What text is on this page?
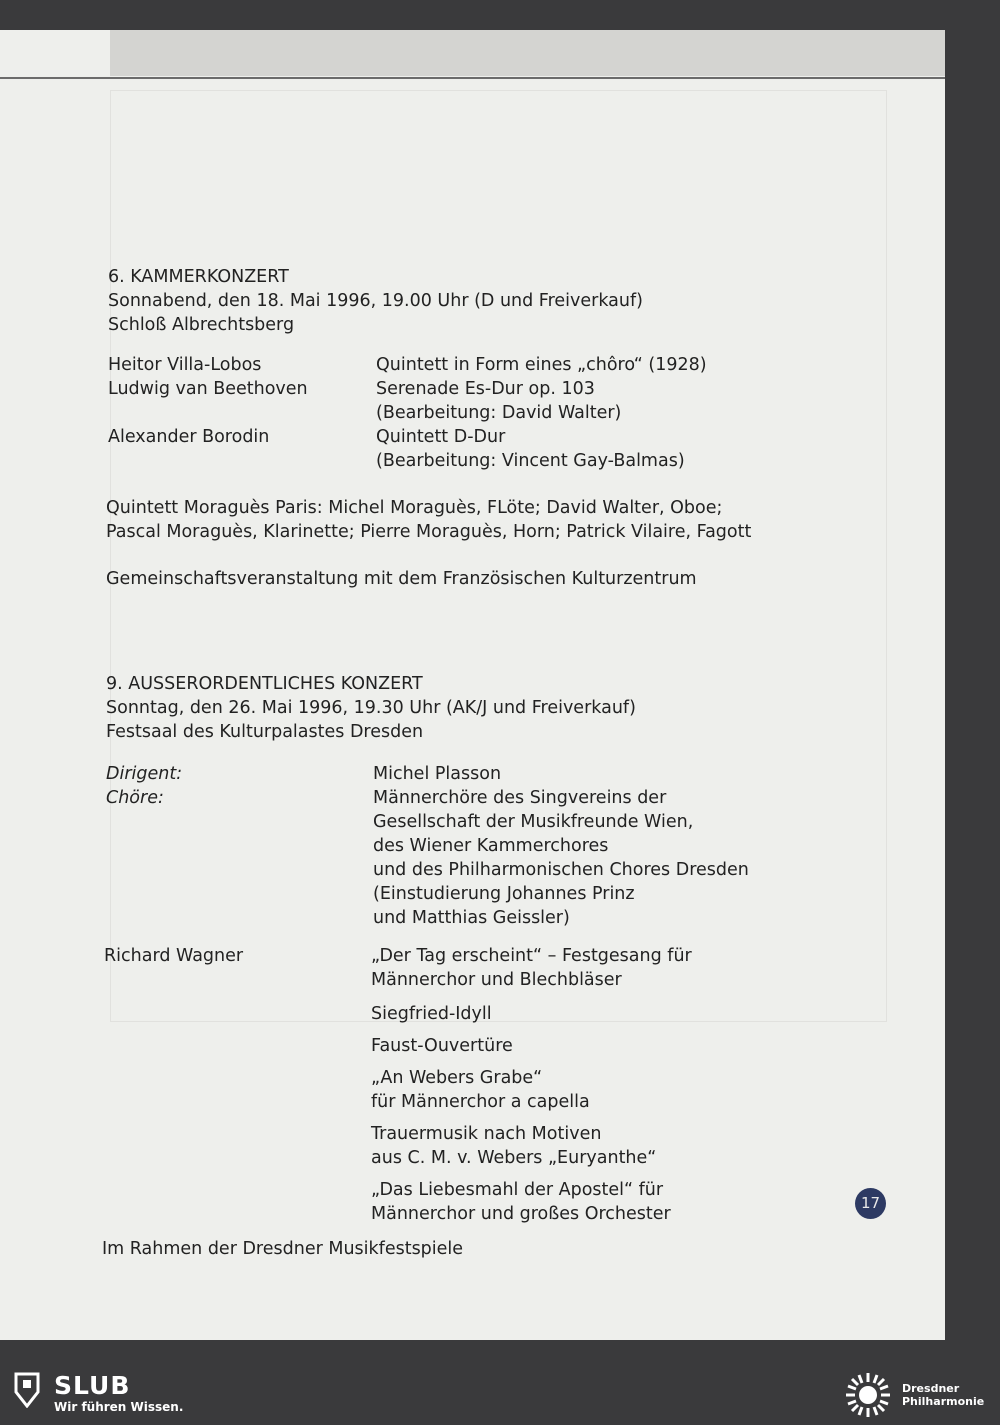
6. KAMMERKONZERT
Sonnabend, den 18. Mai 1996, 19.00 Uhr (D und Freiverkauf)
Schloß Albrechtsberg
Heitor Villa-Lobos	Quintett in Form eines „chôro“ (1928)
Ludwig van Beethoven	Serenade Es-Dur op. 103
(Bearbeitung: David Walter)
Alexander Borodin	Quintett D-Dur
(Bearbeitung: Vincent Gay-Balmas)
Quintett Moraguès Paris: Michel Moraguès, FLöte; David Walter, Oboe;
Pascal Moraguès, Klarinette; Pierre Moraguès, Horn; Patrick Vilaire, Fagott
Gemeinschaftsveranstaltung mit dem Französischen Kulturzentrum
9. AUSSERORDENTLICHES KONZERT
Sonntag, den 26. Mai 1996, 19.30 Uhr (AK/J und Freiverkauf)
Festsaal des Kulturpalastes Dresden
Dirigent:	Michel Plasson
Chöre:	Männerchöre des Singvereins der
Gesellschaft der Musikfreunde Wien,
des Wiener Kammerchores
und des Philharmonischen Chores Dresden
(Einstudierung Johannes Prinz
und Matthias Geissler)
Richard Wagner	„Der Tag erscheint“ – Festgesang für
Männerchor und Blechbläser
Siegfried-Idyll
Faust-Ouvertüre
„An Webers Grabe“
für Männerchor a capella
Trauermusik nach Motiven
aus C. M. v. Webers „Euryanthe“
„Das Liebesmahl der Apostel“ für
Männerchor und großes Orchester
Im Rahmen der Dresdner Musikfestspiele
17
SLUB
Wir führen Wissen.
Dresdner
Philharmonie
